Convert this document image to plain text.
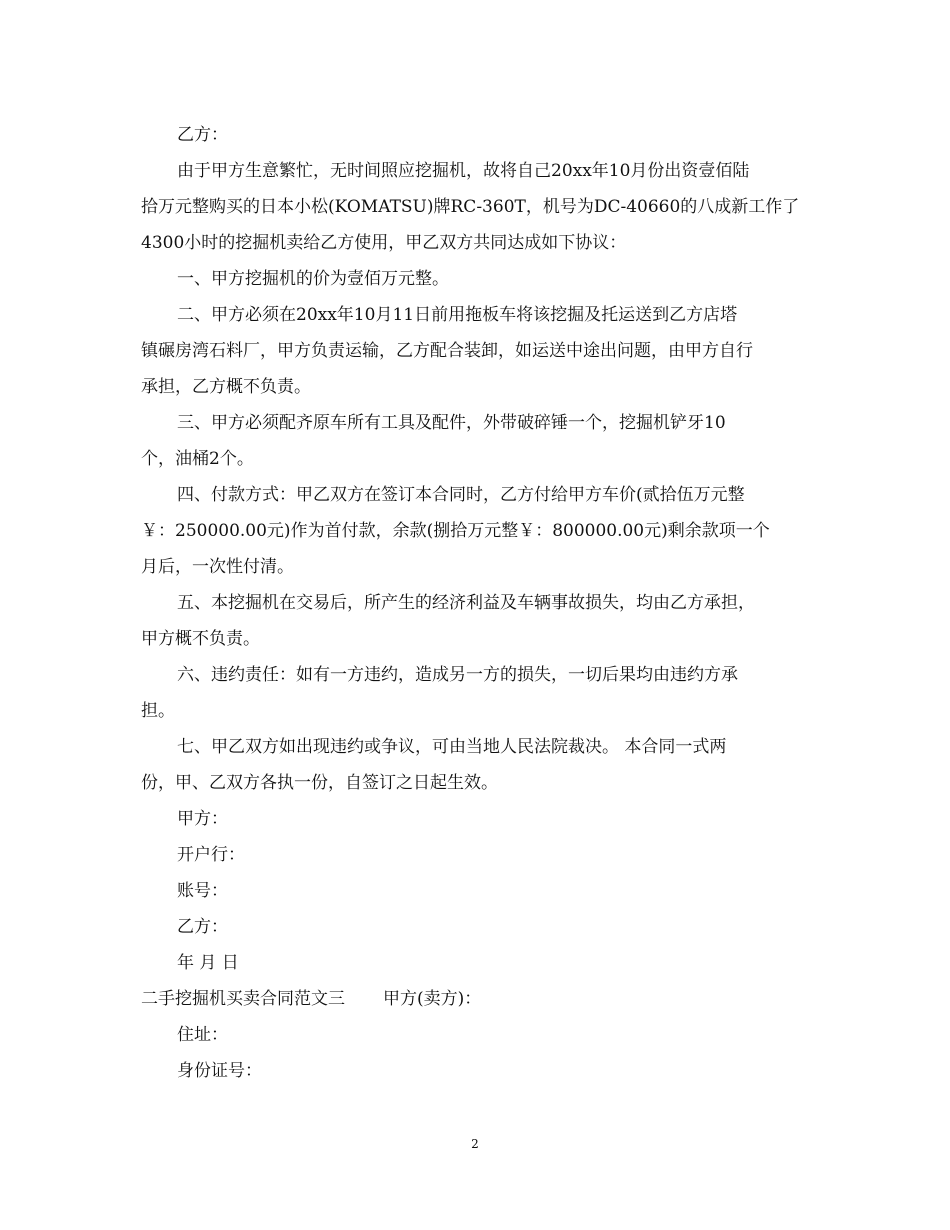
乙方：
由于甲方生意繁忙，无时间照应挖掘机，故将自己20xx年10月份出资壹佰陆
拾万元整购买的日本小松(KOMATSU)牌RC-360T，机号为DC-40660的八成新工作了
4300小时的挖掘机卖给乙方使用，甲乙双方共同达成如下协议：
一、甲方挖掘机的价为壹佰万元整。
二、甲方必须在20xx年10月11日前用拖板车将该挖掘及托运送到乙方店塔
镇碾房湾石料厂，甲方负责运输，乙方配合装卸，如运送中途出问题，由甲方自行
承担，乙方概不负责。
三、甲方必须配齐原车所有工具及配件，外带破碎锤一个，挖掘机铲牙10
个，油桶2个。
四、付款方式：甲乙双方在签订本合同时，乙方付给甲方车价(贰拾伍万元整
￥：250000.00元)作为首付款，余款(捌拾万元整￥：800000.00元)剩余款项一个
月后，一次性付清。
五、本挖掘机在交易后，所产生的经济利益及车辆事故损失，均由乙方承担，
甲方概不负责。
六、违约责任：如有一方违约，造成另一方的损失，一切后果均由违约方承
担。
七、甲乙双方如出现违约或争议，可由当地人民法院裁决。 本合同一式两
份，甲、乙双方各执一份，自签订之日起生效。
甲方：
开户行：
账号：
乙方：
年 月 日
二手挖掘机买卖合同范文三 甲方(卖方)：
住址：
身份证号：
2
